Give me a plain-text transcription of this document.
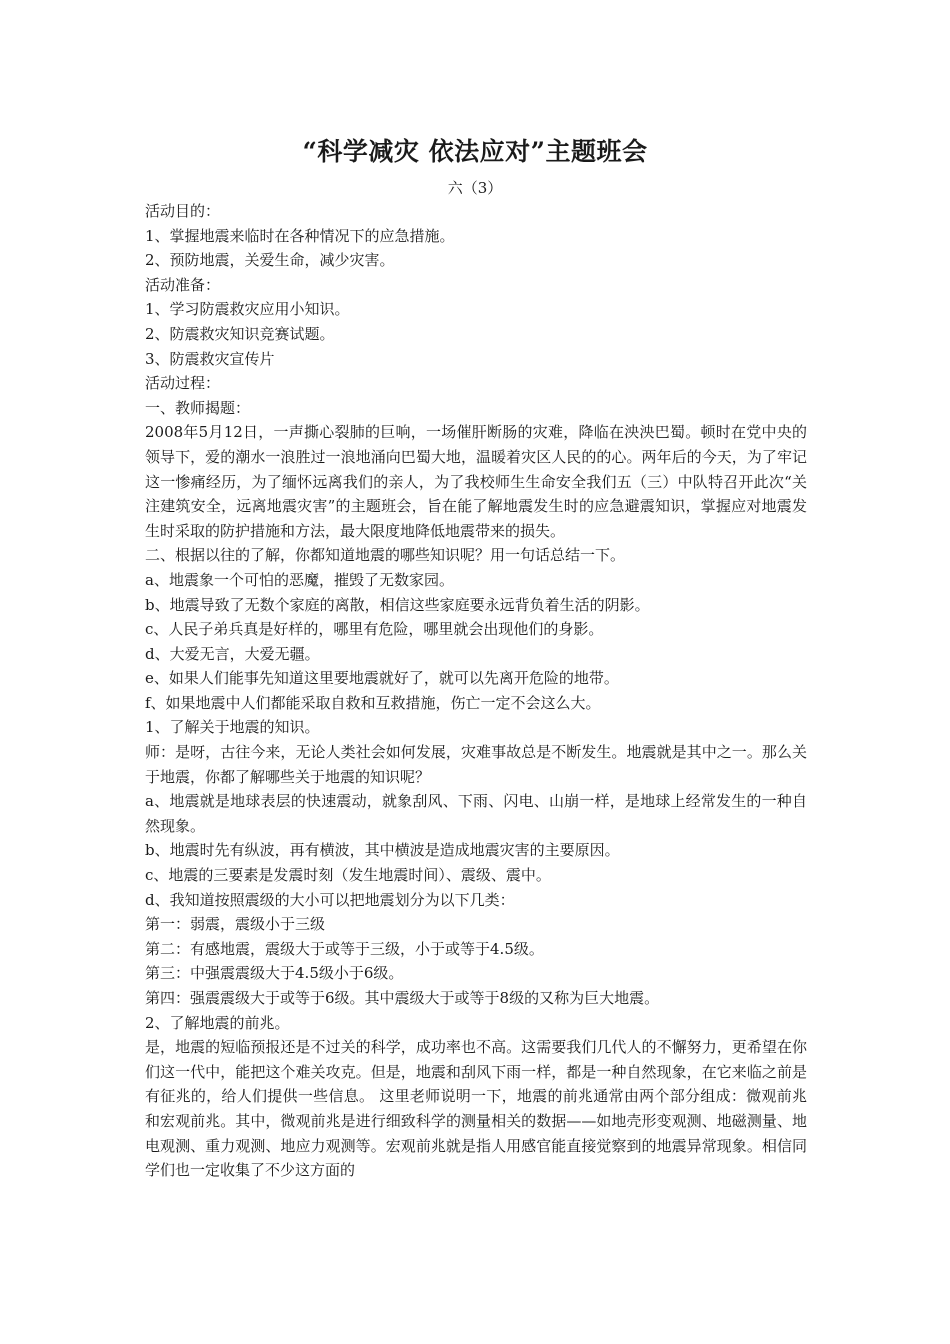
“科学减灾 依法应对”主题班会
六（3）

活动目的：

1、掌握地震来临时在各种情况下的应急措施。

2、预防地震，关爱生命，减少灾害。

活动准备：

1、学习防震救灾应用小知识。

2、防震救灾知识竞赛试题。

3、防震救灾宣传片

活动过程：

一、教师揭题：

2008年5月12日，一声撕心裂肺的巨响，一场催肝断肠的灾难，降临在泱泱巴蜀。顿时在党中央的领导下，爱的潮水一浪胜过一浪地涌向巴蜀大地，温暖着灾区人民的的心。两年后的今天，为了牢记这一惨痛经历，为了缅怀远离我们的亲人，为了我校师生生命安全我们五（三）中队特召开此次“关注建筑安全，远离地震灾害”的主题班会，旨在能了解地震发生时的应急避震知识，掌握应对地震发生时采取的防护措施和方法，最大限度地降低地震带来的损失。

二、根据以往的了解，你都知道地震的哪些知识呢？用一句话总结一下。

a、地震象一个可怕的恶魔，摧毁了无数家园。

b、地震导致了无数个家庭的离散，相信这些家庭要永远背负着生活的阴影。

c、人民子弟兵真是好样的，哪里有危险，哪里就会出现他们的身影。

d、大爱无言，大爱无疆。

e、如果人们能事先知道这里要地震就好了，就可以先离开危险的地带。

f、如果地震中人们都能采取自救和互救措施，伤亡一定不会这么大。

1、了解关于地震的知识。

师：是呀，古往今来，无论人类社会如何发展，灾难事故总是不断发生。地震就是其中之一。那么关于地震，你都了解哪些关于地震的知识呢？

a、地震就是地球表层的快速震动，就象刮风、下雨、闪电、山崩一样，是地球上经常发生的一种自然现象。

b、地震时先有纵波，再有横波，其中横波是造成地震灾害的主要原因。

c、地震的三要素是发震时刻（发生地震时间）、震级、震中。

d、我知道按照震级的大小可以把地震划分为以下几类：

第一：弱震，震级小于三级

第二：有感地震，震级大于或等于三级，小于或等于4.5级。

第三：中强震震级大于4.5级小于6级。

第四：强震震级大于或等于6级。其中震级大于或等于8级的又称为巨大地震。

2、了解地震的前兆。

是，地震的短临预报还是不过关的科学，成功率也不高。这需要我们几代人的不懈努力，更希望在你们这一代中，能把这个难关攻克。但是，地震和刮风下雨一样，都是一种自然现象，在它来临之前是有征兆的，给人们提供一些信息。 这里老师说明一下，地震的前兆通常由两个部分组成：微观前兆和宏观前兆。其中，微观前兆是进行细致科学的测量相关的数据——如地壳形变观测、地磁测量、地电观测、重力观测、地应力观测等。宏观前兆就是指人用感官能直接觉察到的地震异常现象。相信同学们也一定收集了不少这方面的
